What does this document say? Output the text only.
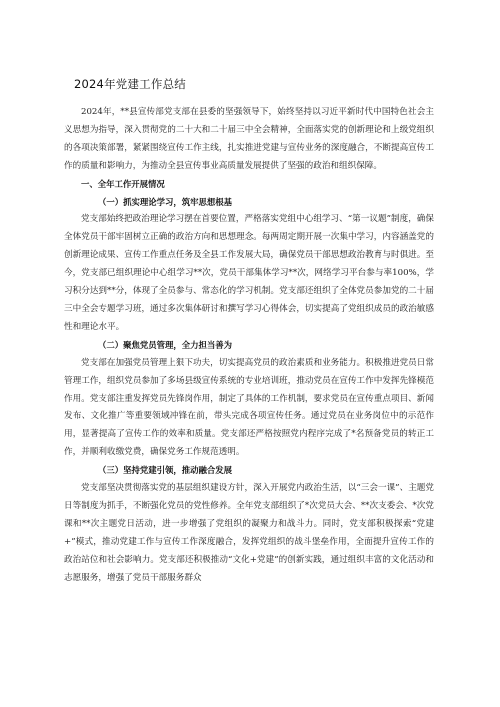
2024年党建工作总结

2024年，**县宣传部党支部在县委的坚强领导下，始终坚持以习近平新时代中国特色社会主义思想为指导，深入贯彻党的二十大和二十届三中全会精神，全面落实党的创新理论和上级党组织的各项决策部署，紧紧围绕宣传工作主线，扎实推进党建与宣传业务的深度融合，不断提高宣传工作的质量和影响力，为推动全县宣传事业高质量发展提供了坚强的政治和组织保障。

一、全年工作开展情况

（一）抓实理论学习，筑牢思想根基

党支部始终把政治理论学习摆在首要位置，严格落实党组中心组学习、“第一议题”制度，确保全体党员干部牢固树立正确的政治方向和思想理念。每两周定期开展一次集中学习，内容涵盖党的创新理论成果、宣传工作重点任务及全县工作发展大局，确保党员干部思想政治教育与时俱进。至今，党支部已组织理论中心组学习**次，党员干部集体学习**次，网络学习平台参与率100%，学习积分达到**分，体现了全员参与、常态化的学习机制。党支部还组织了全体党员参加党的二十届三中全会专题学习班，通过多次集体研讨和撰写学习心得体会，切实提高了党组织成员的政治敏感性和理论水平。

（二）聚焦党员管理，全力担当善为

党支部在加强党员管理上狠下功夫，切实提高党员的政治素质和业务能力。积极推进党员日常管理工作，组织党员参加了多场县级宣传系统的专业培训班，推动党员在宣传工作中发挥先锋模范作用。党支部注重发挥党员先锋岗作用，制定了具体的工作机制，要求党员在宣传重点项目、新闻发布、文化推广等重要领域冲锋在前，带头完成各项宣传任务。通过党员在业务岗位中的示范作用，显著提高了宣传工作的效率和质量。党支部还严格按照党内程序完成了*名预备党员的转正工作，并顺利收缴党费，确保党务工作规范透明。

（三）坚持党建引领，推动融合发展

党支部坚决贯彻落实党的基层组织建设方针，深入开展党内政治生活，以“三会一课”、主题党日等制度为抓手，不断强化党员的党性修养。全年党支部组织了*次党员大会、**次支委会、*次党课和**次主题党日活动，进一步增强了党组织的凝聚力和战斗力。同时，党支部积极探索“党建+”模式，推动党建工作与宣传工作深度融合，发挥党组织的战斗堡垒作用，全面提升宣传工作的政治站位和社会影响力。党支部还积极推动“文化+党建”的创新实践，通过组织丰富的文化活动和志愿服务，增强了党员干部服务群众
